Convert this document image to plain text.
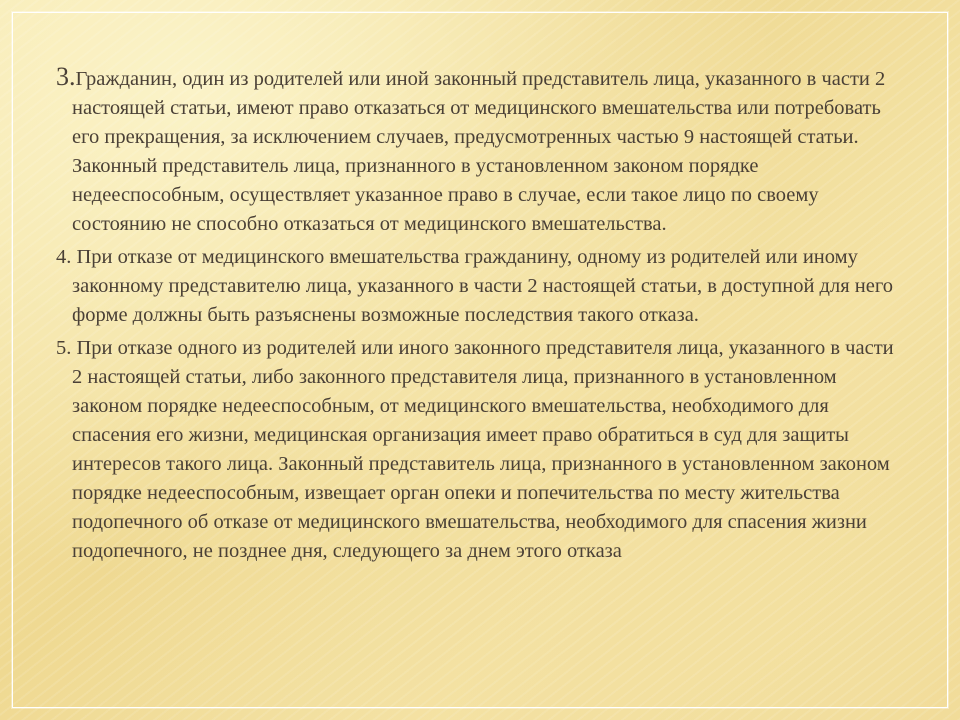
3.Гражданин, один из родителей или иной законный представитель лица, указанного в части 2 настоящей статьи, имеют право отказаться от медицинского вмешательства или потребовать его прекращения, за исключением случаев, предусмотренных частью 9 настоящей статьи. Законный представитель лица, признанного в установленном законом порядке недееспособным, осуществляет указанное право в случае, если такое лицо по своему состоянию не способно отказаться от медицинского вмешательства.

4. При отказе от медицинского вмешательства гражданину, одному из родителей или иному законному представителю лица, указанного в части 2 настоящей статьи, в доступной для него форме должны быть разъяснены возможные последствия такого отказа.

5. При отказе одного из родителей или иного законного представителя лица, указанного в части 2 настоящей статьи, либо законного представителя лица, признанного в установленном законом порядке недееспособным, от медицинского вмешательства, необходимого для спасения его жизни, медицинская организация имеет право обратиться в суд для защиты интересов такого лица. Законный представитель лица, признанного в установленном законом порядке недееспособным, извещает орган опеки и попечительства по месту жительства подопечного об отказе от медицинского вмешательства, необходимого для спасения жизни подопечного, не позднее дня, следующего за днем этого отказа
